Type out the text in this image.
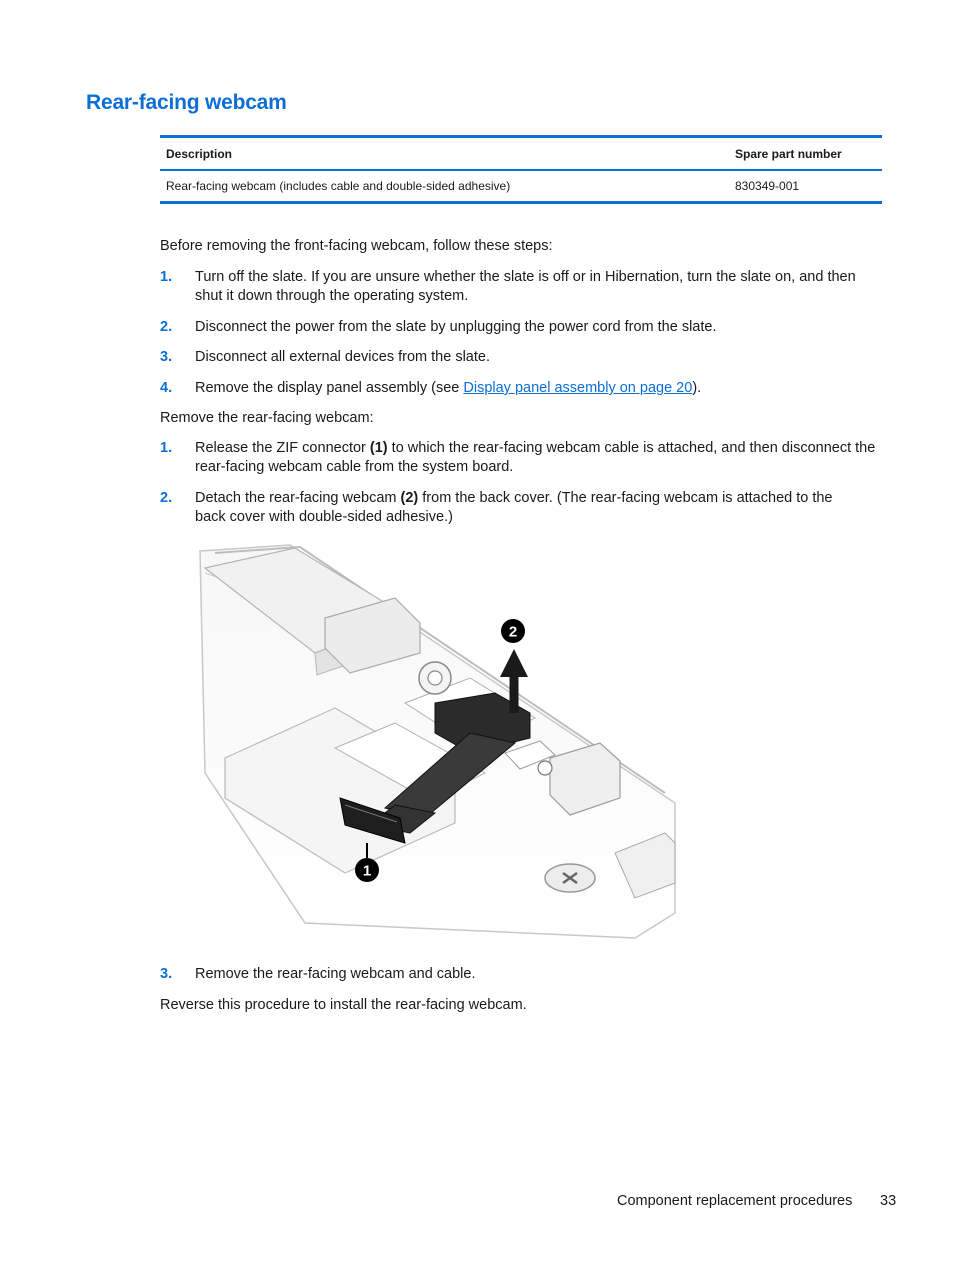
Rear-facing webcam
Description	Spare part number
Rear-facing webcam (includes cable and double-sided adhesive)	830349-001

Before removing the front-facing webcam, follow these steps:

1. Turn off the slate. If you are unsure whether the slate is off or in Hibernation, turn the slate on, and then shut it down through the operating system.
2. Disconnect the power from the slate by unplugging the power cord from the slate.
3. Disconnect all external devices from the slate.
4. Remove the display panel assembly (see Display panel assembly on page 20).

Remove the rear-facing webcam:

1. Release the ZIF connector (1) to which the rear-facing webcam cable is attached, and then disconnect the rear-facing webcam cable from the system board.
2. Detach the rear-facing webcam (2) from the back cover. (The rear-facing webcam is attached to the back cover with double-sided adhesive.)
2
1
3. Remove the rear-facing webcam and cable.

Reverse this procedure to install the rear-facing webcam.

Component replacement procedures 33
